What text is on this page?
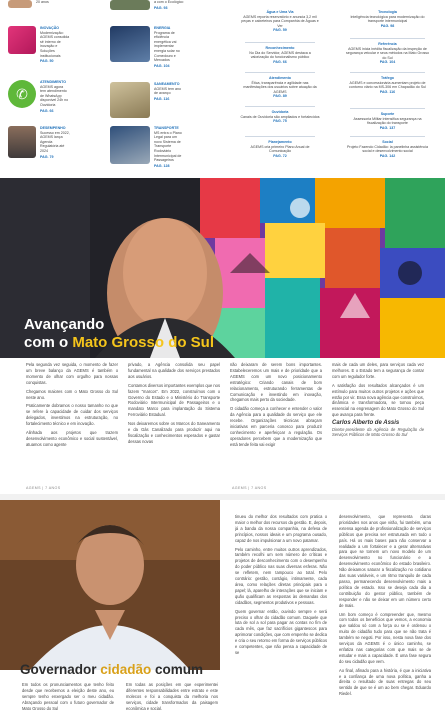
20 anos
INOVAÇÃO
Modernização: AGEMS consolida sê interno de inovação e Soluções institucionais
PAG. 50
✆
ATENDIMENTO
AGEMS agora tem atendimento de WhatsApp disponível 24h no Ouvidoria
PAG. 66
DESEMPENHO
Sucesso em 2022, AGEMS lança Agenda Regulatória até 2024
PAG. 79
a com o Ecológico
PAG. 93
ENERGIA
Programa de eficiência energética vai implementar energia solar no Comedouro e Mercados
PAG. 104
SANEAMENTO
AGEMS tem ano de avanço
PAG. 116
TRANSPORTE
MS entra o Plano Legal para um novo Sistema de Transporte Rodoviário Intermunicipal de Passageiros
PAG. 128
Água e Uma Via
AGEMS reporta reservatório e anuncia 3,2 mil peças e caixeteiros para Companhia de Águas e Ver
PAG. 59
Reconhecimento
No Dia do Servidor, AGEMS destaca a valorização do funcionalismo público
PAG. 66
Atendimento
Ética, transparência e agilidade nas manifestações dos usuários sobre atuação da AGEMS
PAG. 89
Ouvidoria
Canais de Ouvidoria são ampliados e fortalecidos
PAG. 75
Planejamento
AGEMS cria primeiro Plano Anual de Comunicação
PAG. 72
Tecnologia
Inteligência tecnológica para modernização do transporte intermunicipal
PAG. 98
Referência
AGEMS inicia inédita fiscalização da inspeção de segurança veicular e seus métodos na Mato Grosso do Sul
PAG. 104
Tráfego
AGEMS e concessionária aumentam projeto de contorno viário na MS-306 em Chapadão do Sul
PAG. 116
Suporte
Assessoria Militar intensifica segurança na fiscalização do transporte
PAG. 137
Social
Projeto Fazendo Cidadão: la panelinha assistência social e desenvolvimento social
PAG. 142
Avançando
com o Mato Grosso do Sul

Pela segunda vez seguida, o momento de fazer um breve balanço da AGEMS é também o momento de olhar com orgulho para nossas conquistas.

Chegamos maiores com o Mato Grosso do Sul neste ano.

Praticamente dobramos o nosso tamanho no que se refere à capacidade de cuidar dos serviços delegados, investimos na estruturação, no fortalecimento técnico e em inovação.

Alinhada aos projetos que trazem desenvolvimento econômico e social sustentável, atuamos como agente

privado, a Agência consolida seu papel fundamental na qualidade dos serviços prestados aos usuários.

Contamos diversos importantes exemplos que nos fazem "marcos". Em 2022, construímos com o Governo do Estado e o Ministério do Transporte Rodoviário Intermunicipal de Passageiros e o mandato Marco para implantação do Sistema Ferroviário Estadual.

Nos deixaremos sobre os Marcos do Saneamento e da Gás Canalizado para produzir aqui na fiscalização e conhecimentos esperados e gastar dessas novas

não deixaram de serem bons importantes. Estabeleceremos um mais e de prioridade que a AGEMS com um novo posicionamento estratégico: Criando canais de bom relacionamento, estruturando ferramentas de Comunicação e investindo em inovação, chegamos mais perto da sociedade.

O cidadão começa a conhecer e entender o valor da Agência para a qualidade do serviço que ele recebe. Organizações técnicas abraçam iniciativas em parceria conosco para produzir conhecimento e aperfeiçoar a regulação. Os operadores percebem que a modernização que está tende feita vai exigir

mais de cada um deles, para serviços cada vez melhores. E o Estado tem a segurança de contar com um regulador forte.

A satisfação dos resultados alcançados é um estímulo para muitos outros projetos e ações que estão por vir. Essa nova agência que construímos, dinâmica e transformadora, se tornou peça essencial na engrenagem do Mato Grosso do Sul que avança para frente.

Carlos Alberto de Assis
Diretor-presidente da Agência de Regulação de Serviços Públicos de Mato Grosso do Sul
AGEMS | 7 ANOS	AGEMS | 7 ANOS
Governador cidadão comum

Em todos os pronunciamentos que tenho feito desde que recebemos a eleição deste ano, eu sempre tenho enxergado ser o meu cidadão. Abraçando pessoal com o futuro governador de Mato Grosso do Sul

Em todas as posições em que experimentei diferentes responsabilidades entre estrato e este molecos e foi a conquista da melhoria nos serviços, cidade transformados da paisagem econômica e social.

tinueu do melhor dos resultados com pratica o maior o melhor dos recursos da gestão. E, depois, já a banda da nossa companhia, na defesa de princípios, nossos ideais e um programa ousado, capaz de nos impulsionar a um novo patamar.

Pelo caminho, entre muitos outros aprendizados, também recolhi um sem número de críticas e projetos de desconhecimento com o desempenho do poder público nas suas diversas esferas. Não se refletem, nem tampouco ao total. Pelo contrário: gestão, contágio, intimamente, cada área, como relações diretas principais para o papel; lá, aparelho de interações que se iniciam e quão qualificam as respostas às demandas dos cidadãos, segmentos produtivos e pessoas.

Quem governar então, ouvindo sempre e será preciso o olhar do cidadão comum. Daquele que luta de sol a sol para pagar as contas no fim de cada mês, que faz sacrifícios gigantescos para aprimorar condições, que com empenho se dedica e cria o seu retorno em forma de serviços públicos e competentes, que não pensa a capacidade de se

desenvolvimento, que representa claras prioridades nos anos que virão, fui também, uma extensa agenda de profissionalização de serviços públicos que precisa ser estruturada em todo o país. Há os mais bases para não conservar a realidade a um fortalecer e a gerar alternativas para que se tornem um novo modelo de um desenvolvimento no funcionário e a desenvolvimento econômico do estado brasileiro. Não deixamos saturar a fiscalização no cotidiano das suas variáveis, e um ritmo tranquilo de cada passo, permanecendo desenvolvimento mais a política de estado. Isso se deseja cada dia a contribuição do gestor público, também de responder e não se deixar em um número certo de mais.

Um bom começo é compreender que, mesmo com todos os benefícios que vemos, a economia que saldou só com a força ou se é ordenou o muito de cidadão tudo para que se não trata é também se negoti. Por isso, nesta nova fase dos serviços da AGEMS é o único caminho, se enfatiza nas categorias com que mais se de estudar e mais a capacidade. É uma fase segura do seu cidadão que vem.

Ao final, afinado para a história, é que a iniciativa e a confiança de uma nova política, ganha a direita o resultado de suas entregas do seu sentido de que se é um ao bem chegar. Eduardo Riedel.
